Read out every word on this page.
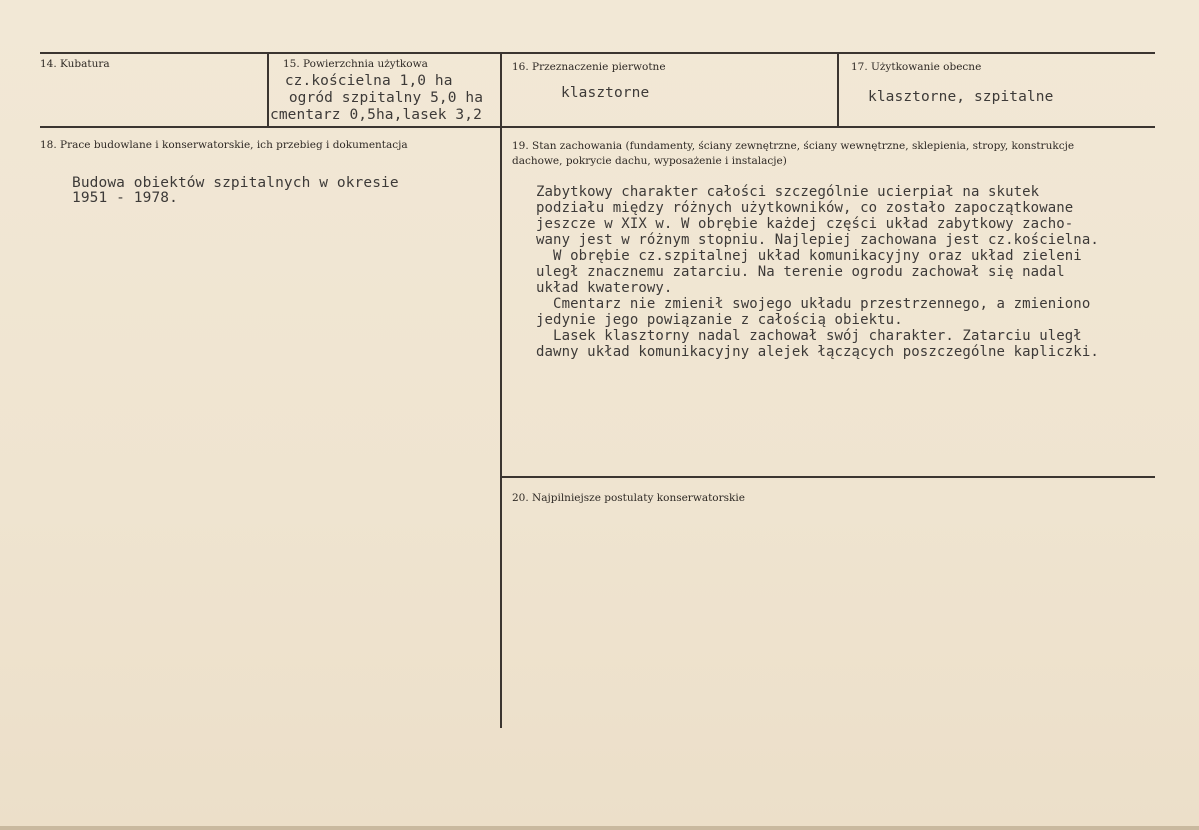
14. Kubatura	15. Powierzchnia użytkowa
cz.kościelna 1,0 ha
ogród szpitalny 5,0 ha
cmentarz 0,5ha,lasek 3,2
16. Przeznaczenie pierwotne
klasztorne
17. Użytkowanie obecne
klasztorne, szpitalne
18. Prace budowlane i konserwatorskie, ich przebieg i dokumentacja
Budowa obiektów szpitalnych w okresie
1951 - 1978.
19. Stan zachowania (fundamenty, ściany zewnętrzne, ściany wewnętrzne, sklepienia, stropy, konstrukcje
dachowe, pokrycie dachu, wyposażenie i instalacje)
Zabytkowy charakter całości szczególnie ucierpiał na skutek
podziału między różnych użytkowników, co zostało zapoczątkowane
jeszcze w XIX w. W obrębie każdej części układ zabytkowy zacho-
wany jest w różnym stopniu. Najlepiej zachowana jest cz.kościelna.
W obrębie cz.szpitalnej układ komunikacyjny oraz układ zieleni
uległ znacznemu zatarciu. Na terenie ogrodu zachował się nadal
układ kwaterowy.
Cmentarz nie zmienił swojego układu przestrzennego, a zmieniono
jedynie jego powiązanie z całością obiektu.
Lasek klasztorny nadal zachował swój charakter. Zatarciu uległ
dawny układ komunikacyjny alejek łączących poszczególne kapliczki.
20. Najpilniejsze postulaty konserwatorskie
